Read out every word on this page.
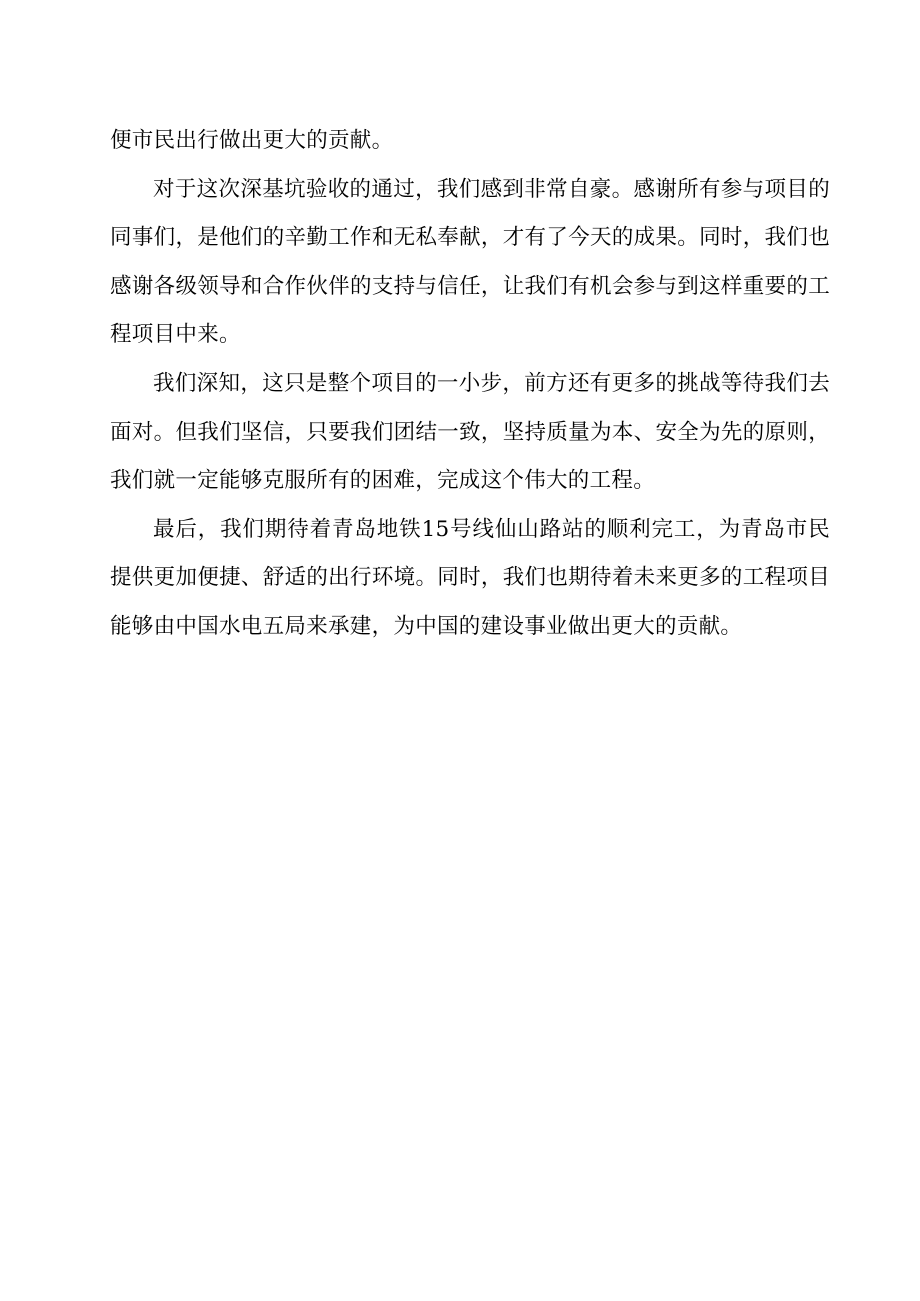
便市民出行做出更大的贡献。

对于这次深基坑验收的通过，我们感到非常自豪。感谢所有参与项目的同事们，是他们的辛勤工作和无私奉献，才有了今天的成果。同时，我们也感谢各级领导和合作伙伴的支持与信任，让我们有机会参与到这样重要的工程项目中来。

我们深知，这只是整个项目的一小步，前方还有更多的挑战等待我们去面对。但我们坚信，只要我们团结一致，坚持质量为本、安全为先的原则，我们就一定能够克服所有的困难，完成这个伟大的工程。

最后，我们期待着青岛地铁15号线仙山路站的顺利完工，为青岛市民提供更加便捷、舒适的出行环境。同时，我们也期待着未来更多的工程项目能够由中国水电五局来承建，为中国的建设事业做出更大的贡献。
